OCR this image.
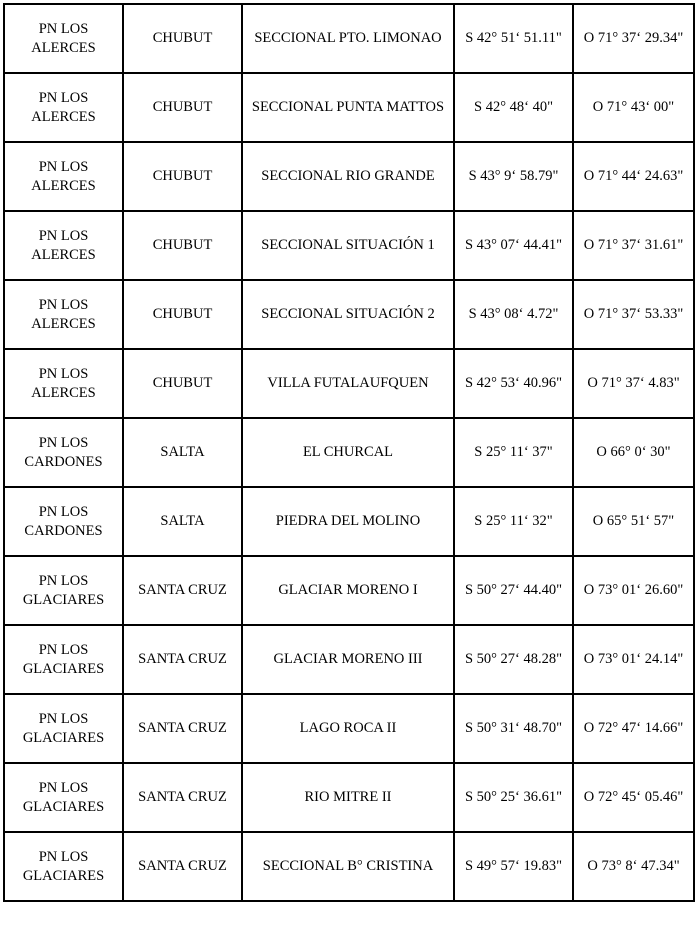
PN LOS ALERCES	CHUBUT	SECCIONAL PTO. LIMONAO	S 42° 51‘ 51.11"	O 71° 37‘ 29.34"
PN LOS ALERCES	CHUBUT	SECCIONAL PUNTA MATTOS	S 42° 48‘ 40"	O 71° 43‘ 00"
PN LOS ALERCES	CHUBUT	SECCIONAL RIO GRANDE	S 43° 9‘ 58.79"	O 71° 44‘ 24.63"
PN LOS ALERCES	CHUBUT	SECCIONAL SITUACIÓN 1	S 43° 07‘ 44.41"	O 71° 37‘ 31.61"
PN LOS ALERCES	CHUBUT	SECCIONAL SITUACIÓN 2	S 43° 08‘ 4.72"	O 71° 37‘ 53.33"
PN LOS ALERCES	CHUBUT	VILLA FUTALAUFQUEN	S 42° 53‘ 40.96"	O 71° 37‘ 4.83"
PN LOS CARDONES	SALTA	EL CHURCAL	S 25° 11‘ 37"	O 66° 0‘ 30"
PN LOS CARDONES	SALTA	PIEDRA DEL MOLINO	S 25° 11‘ 32"	O 65° 51‘ 57"
PN LOS GLACIARES	SANTA CRUZ	GLACIAR MORENO I	S 50° 27‘ 44.40"	O 73° 01‘ 26.60"
PN LOS GLACIARES	SANTA CRUZ	GLACIAR MORENO III	S 50° 27‘ 48.28"	O 73° 01‘ 24.14"
PN LOS GLACIARES	SANTA CRUZ	LAGO ROCA II	S 50° 31‘ 48.70"	O 72° 47‘ 14.66"
PN LOS GLACIARES	SANTA CRUZ	RIO MITRE II	S 50° 25‘ 36.61"	O 72° 45‘ 05.46"
PN LOS GLACIARES	SANTA CRUZ	SECCIONAL B° CRISTINA	S 49° 57‘ 19.83"	O 73° 8‘ 47.34"
